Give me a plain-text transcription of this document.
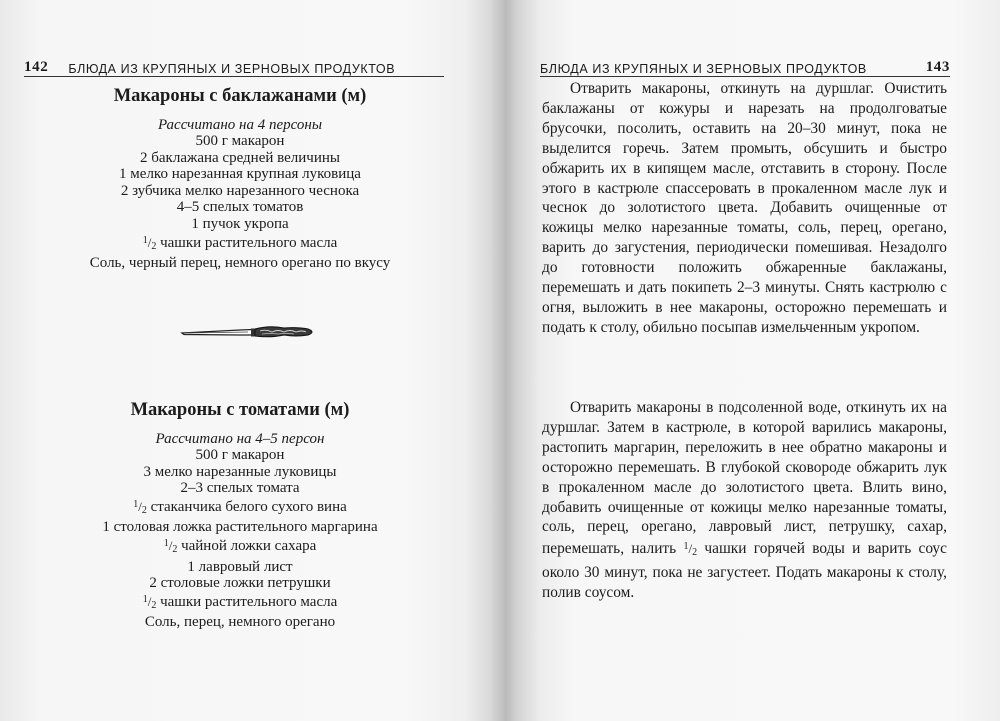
142 БЛЮДА ИЗ КРУПЯНЫХ И ЗЕРНОВЫХ ПРОДУКТОВ
Макароны с баклажанами (м)
Рассчитано на 4 персоны
500 г макарон
2 баклажана средней величины
1 мелко нарезанная крупная луковица
2 зубчика мелко нарезанного чеснока
4–5 спелых томатов
1 пучок укропа
$^1/_2$ чашки растительного масла
Соль, черный перец, немного орегано по вкусу
Макароны с томатами (м)
Рассчитано на 4–5 персон
500 г макарон
3 мелко нарезанные луковицы
2–3 спелых томата
$^1/_2$ стаканчика белого сухого вина
1 столовая ложка растительного маргарина
$^1/_2$ чайной ложки сахара
1 лавровый лист
2 столовые ложки петрушки
$^1/_2$ чашки растительного масла
Соль, перец, немного орегано
БЛЮДА ИЗ КРУПЯНЫХ И ЗЕРНОВЫХ ПРОДУКТОВ	143

Отварить макароны, откинуть на дуршлаг. Очистить баклажаны от кожуры и нарезать на продолговатые брусочки, посолить, оставить на 20–30 минут, пока не выделится горечь. Затем промыть, обсушить и быстро обжарить их в кипящем масле, отставить в сторону. После этого в кастрюле спассеровать в прокаленном масле лук и чеснок до золотистого цвета. Добавить очищенные от кожицы мелко нарезанные томаты, соль, перец, орегано, варить до загустения, периодически помешивая. Незадолго до готовности положить обжаренные баклажаны, перемешать и дать покипеть 2–3 минуты. Снять кастрюлю с огня, выложить в нее макароны, осторожно перемешать и подать к столу, обильно посыпав измельченным укропом.

Отварить макароны в подсоленной воде, откинуть их на дуршлаг. Затем в кастрюле, в которой варились макароны, растопить маргарин, переложить в нее обратно макароны и осторожно перемешать. В глубокой сковороде обжарить лук в прокаленном масле до золотистого цвета. Влить вино, добавить очищенные от кожицы мелко нарезанные томаты, соль, перец, орегано, лавровый лист, петрушку, сахар, перемешать, налить $^1/_2$ чашки горячей воды и варить соус около 30 минут, пока не загустеет. Подать макароны к столу, полив соусом.
